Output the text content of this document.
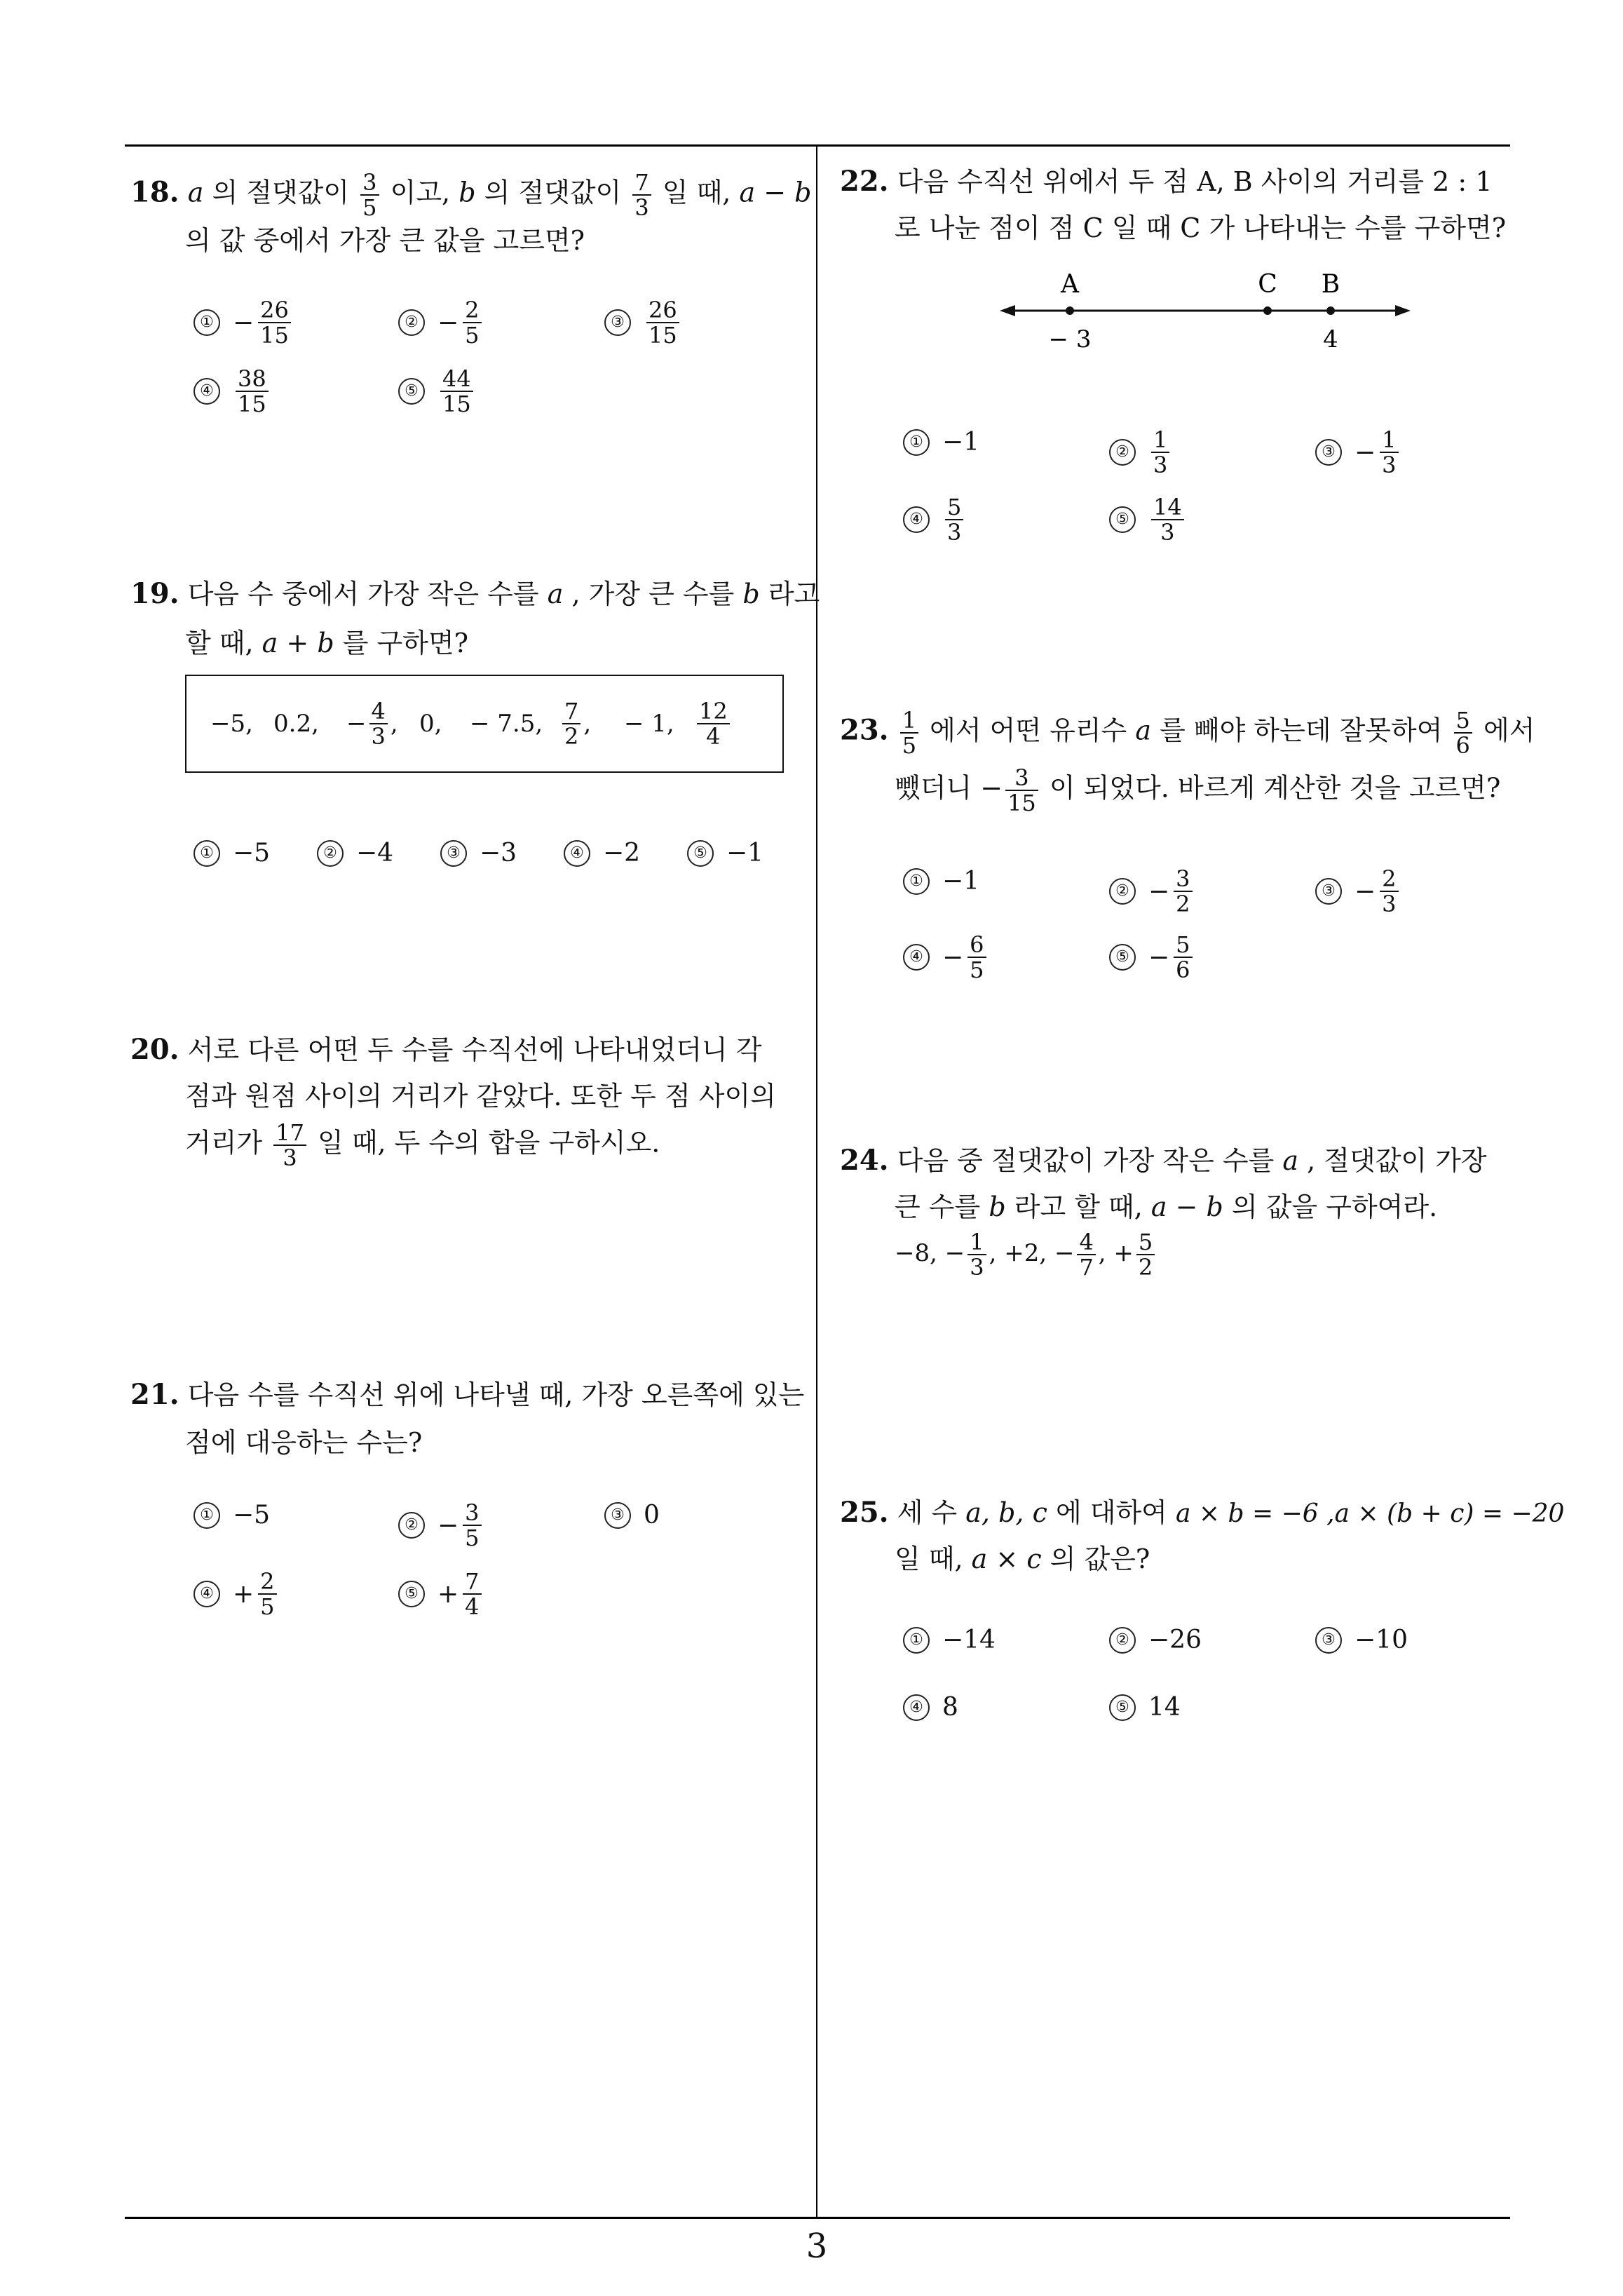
3
18. a 의 절댓값이 $\frac{3}{5}$ 이고, b 의 절댓값이 $\frac{7}{3}$ 일 때, a − b
의 값 중에서 가장 큰 값을 고르면?
① − $\frac{26}{15}$	② − $\frac{2}{5}$	③ $\frac{26}{15}$
④ $\frac{38}{15}$	⑤ $\frac{44}{15}$
19. 다음 수 중에서 가장 작은 수를 a , 가장 큰 수를 b 라고
할 때, a + b 를 구하면?
−5, 0.2, − $\frac{4}{3}$ , 0, − 7.5, $\frac{7}{2}$ , − 1, $\frac{12}{4}$
① −5	② −4	③ −3	④ −2	⑤ −1
20. 서로 다른 어떤 두 수를 수직선에 나타내었더니 각
점과 원점 사이의 거리가 같았다. 또한 두 점 사이의
거리가 $\frac{17}{3}$ 일 때, 두 수의 합을 구하시오.
21. 다음 수를 수직선 위에 나타낼 때, 가장 오른쪽에 있는
점에 대응하는 수는?
① −5	② − $\frac{3}{5}$	③ 0
④ + $\frac{2}{5}$	⑤ + $\frac{7}{4}$
22. 다음 수직선 위에서 두 점 A, B 사이의 거리를 2 : 1
로 나눈 점이 점 C 일 때 C 가 나타내는 수를 구하면?
A	C B
− 3	4
① −1	② $\frac{1}{3}$	③ − $\frac{1}{3}$
④ $\frac{5}{3}$	⑤ $\frac{14}{3}$
23. $\frac{1}{5}$ 에서 어떤 유리수 a 를 빼야 하는데 잘못하여 $\frac{5}{6}$ 에서
뺐더니 − $\frac{3}{15}$ 이 되었다. 바르게 계산한 것을 고르면?
① −1	② − $\frac{3}{2}$	③ − $\frac{2}{3}$
④ − $\frac{6}{5}$	⑤ − $\frac{5}{6}$
24. 다음 중 절댓값이 가장 작은 수를 a , 절댓값이 가장
큰 수를 b 라고 할 때, a − b 의 값을 구하여라.
−8, − $\frac{1}{3}$ , +2, − $\frac{4}{7}$ , + $\frac{5}{2}$
25. 세 수 a, b, c 에 대하여 a × b = −6 ,a × (b + c) = −20
일 때, a × c 의 값은?
① −14	② −26	③ −10
④ 8	⑤ 14
